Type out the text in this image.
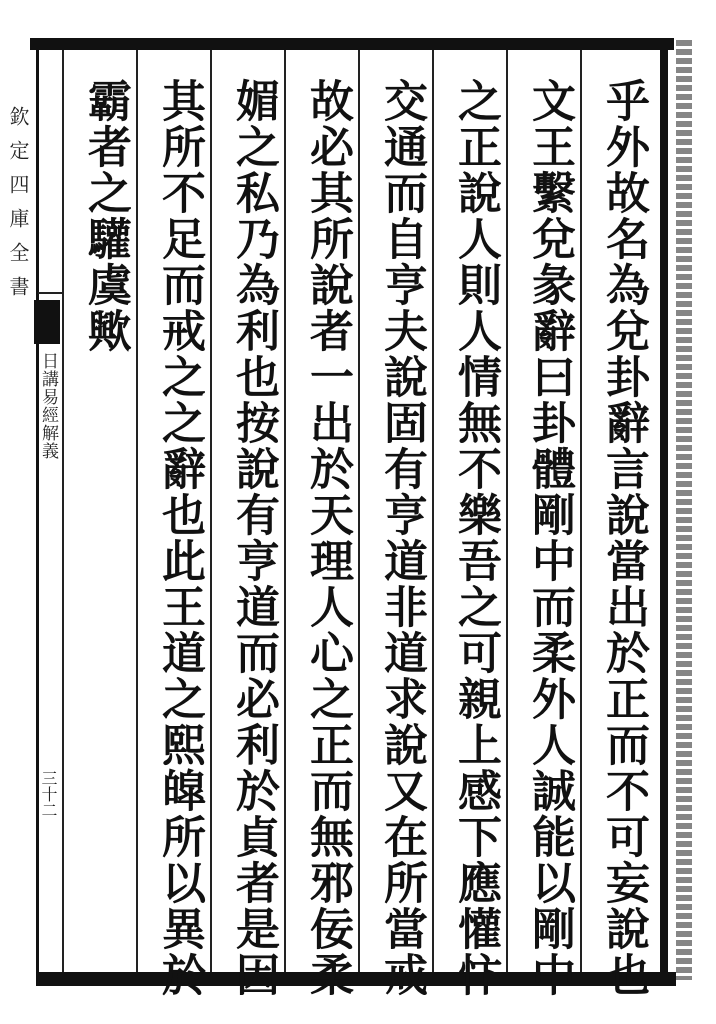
欽定四庫全書
日講易經解義
三十二	乎外故名為兌卦辭言說當出於正而不可妄說也
文王繫兌彖辭曰卦體剛中而柔外人誠能以剛中
之正說人則人情無不樂吾之可親上感下應懽忭
交通而自亨夫說固有亨道非道求說又在所當戒
故必其所說者一出於天理人心之正而無邪佞柔
媚之私乃為利也按說有亨道而必利於貞者是因
其所不足而戒之之辭也此王道之熙皡所以異於
霸者之驩虞歟
